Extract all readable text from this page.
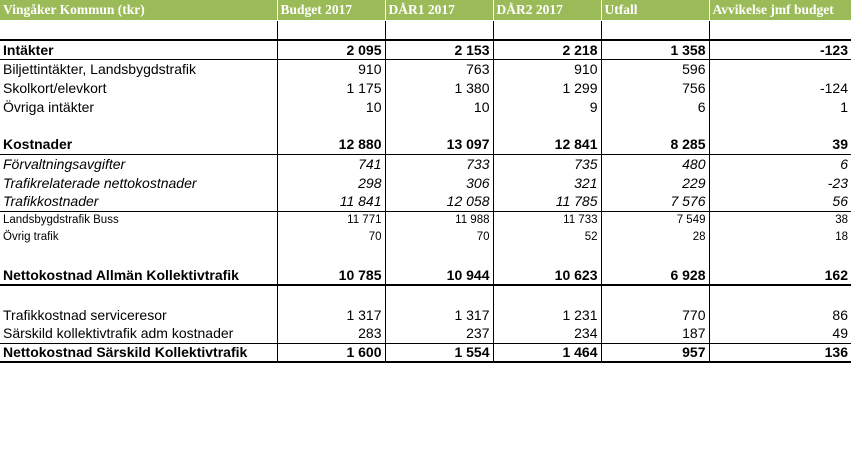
Vingåker Kommun (tkr)	Budget 2017	DÅR1 2017	DÅR2 2017	Utfall	Avvikelse jmf budget

Intäkter	2 095	2 153	2 218	1 358	-123
Biljettintäkter, Landsbygdstrafik	910	763	910	596	
Skolkort/elevkort	1 175	1 380	1 299	756	-124
Övriga intäkter	10	10	9	6	1

Kostnader	12 880	13 097	12 841	8 285	39
Förvaltningsavgifter	741	733	735	480	6
Trafikrelaterade nettokostnader	298	306	321	229	-23
Trafikkostnader	11 841	12 058	11 785	7 576	56
Landsbygdstrafik Buss	11 771	11 988	11 733	7 549	38
Övrig trafik	70	70	52	28	18

Nettokostnad Allmän Kollektivtrafik	10 785	10 944	10 623	6 928	162

Trafikkostnad serviceresor	1 317	1 317	1 231	770	86
Särskild kollektivtrafik adm kostnader	283	237	234	187	49
Nettokostnad Särskild Kollektivtrafik	1 600	1 554	1 464	957	136
